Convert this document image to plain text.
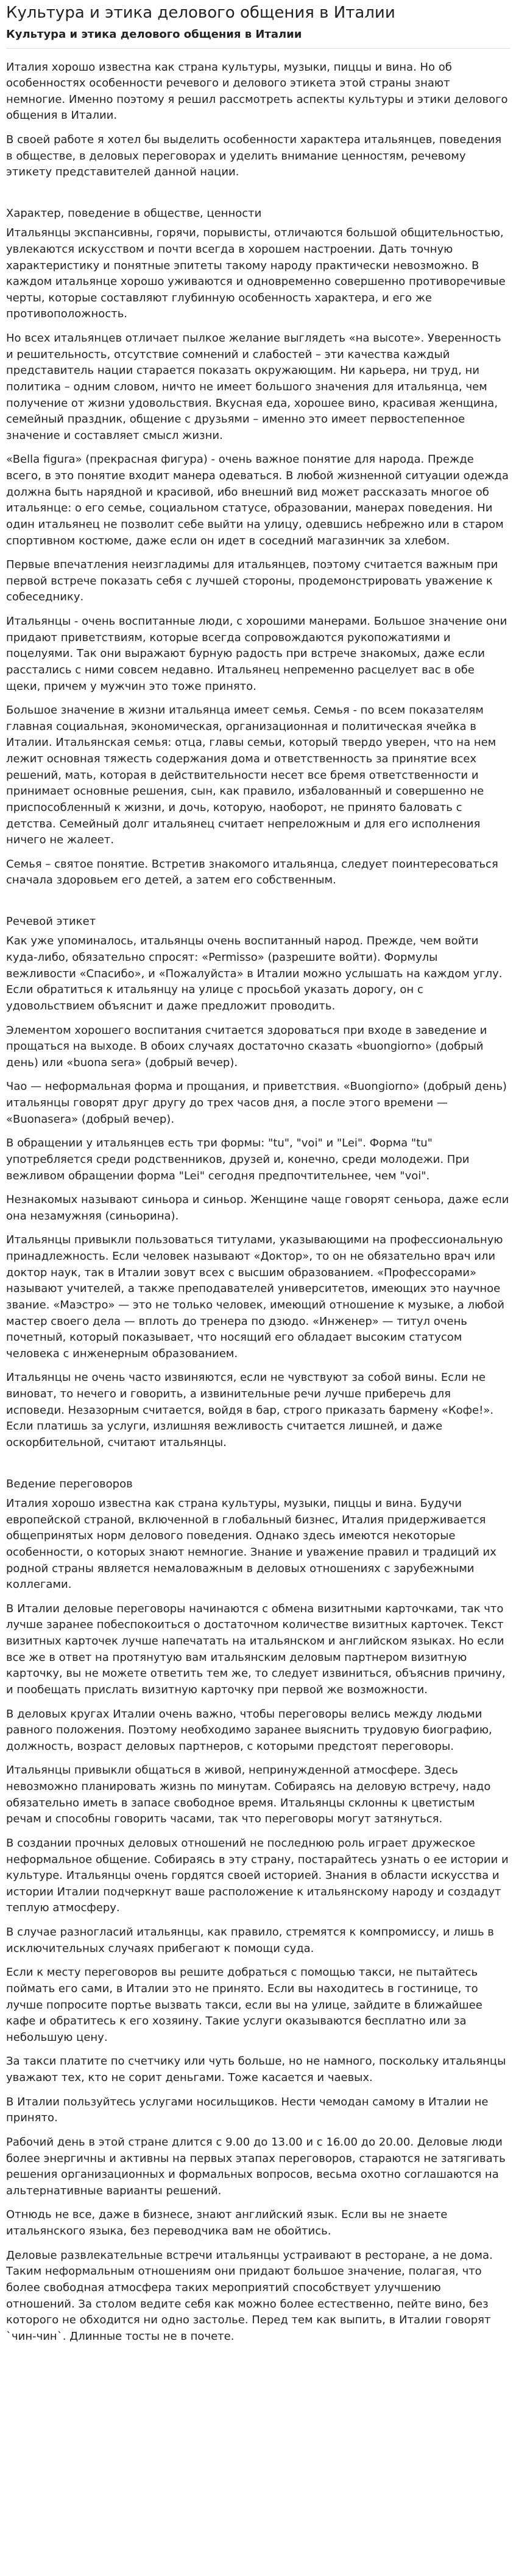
Культура и этика делового общения в Италии
Культура и этика делового общения в Италии

Италия хорошо известна как страна культуры, музыки, пиццы и вина. Но об особенностях особенности речевого и делового этикета этой страны знают немногие. Именно поэтому я решил рассмотреть аспекты культуры и этики делового общения в Италии.

В своей работе я хотел бы выделить особенности характера итальянцев, поведения в обществе, в деловых переговорах и уделить внимание ценностям, речевому этикету представителей данной нации.

Характер, поведение в обществе, ценности

Итальянцы экспансивны, горячи, порывисты, отличаются большой общительностью, увлекаются искусством и почти всегда в хорошем настроении. Дать точную характеристику и понятные эпитеты такому народу практически невозможно. В каждом итальянце хорошо уживаются и одновременно совершенно противоречивые черты, которые составляют глубинную особенность характера, и его же противоположность.

Но всех итальянцев отличает пылкое желание выглядеть «на высоте». Уверенность и решительность, отсутствие сомнений и слабостей – эти качества каждый представитель нации старается показать окружающим. Ни карьера, ни труд, ни политика – одним словом, ничто не имеет большого значения для итальянца, чем получение от жизни удовольствия. Вкусная еда, хорошее вино, красивая женщина, семейный праздник, общение с друзьями – именно это имеет первостепенное значение и составляет смысл жизни.

«Bella figura» (прекрасная фигура) - очень важное понятие для народа. Прежде всего, в это понятие входит манера одеваться. В любой жизненной ситуации одежда должна быть нарядной и красивой, ибо внешний вид может рассказать многое об итальянце: о его семье, социальном статусе, образовании, манерах поведения. Ни один итальянец не позволит себе выйти на улицу, одевшись небрежно или в старом спортивном костюме, даже если он идет в соседний магазинчик за хлебом.

Первые впечатления неизгладимы для итальянцев, поэтому считается важным при первой встрече показать себя с лучшей стороны, продемонстрировать уважение к собеседнику.

Итальянцы - очень воспитанные люди, с хорошими манерами. Большое значение они придают приветствиям, которые всегда сопровождаются рукопожатиями и поцелуями. Так они выражают бурную радость при встрече знакомых, даже если расстались с ними совсем недавно. Итальянец непременно расцелует вас в обе щеки, причем у мужчин это тоже принято.

Большое значение в жизни итальянца имеет семья. Семья - по всем показателям главная социальная, экономическая, организационная и политическая ячейка в Италии. Итальянская семья: отца, главы семьи, который твердо уверен, что на нем лежит основная тяжесть содержания дома и ответственность за принятие всех решений, мать, которая в действительности несет все бремя ответственности и принимает основные решения, сын, как правило, избалованный и совершенно не приспособленный к жизни, и дочь, которую, наоборот, не принято баловать с детства. Семейный долг итальянец считает непреложным и для его исполнения ничего не жалеет.

Семья – святое понятие. Встретив знакомого итальянца, следует поинтересоваться сначала здоровьем его детей, а затем его собственным.

Речевой этикет

Как уже упоминалось, итальянцы очень воспитанный народ. Прежде, чем войти куда-либо, обязательно спросят: «Permisso» (разрешите войти). Формулы вежливости «Спасибо», и «Пожалуйста» в Италии можно услышать на каждом углу. Если обратиться к итальянцу на улице с просьбой указать дорогу, он с удовольствием объяснит и даже предложит проводить.

Элементом хорошего воспитания считается здороваться при входе в заведение и прощаться на выходе. В обоих случаях достаточно сказать «buongiorno» (добрый день) или «buona sera» (добрый вечер).

Чао — неформальная форма и прощания, и приветствия. «Buongiorno» (добрый день) итальянцы говорят друг другу до трех часов дня, а после этого времени — «Buonasera» (добрый вечер).

В обращении у итальянцев есть три формы: "tu", "voi" и "Lei". Форма "tu" употребляется среди родственников, друзей и, конечно, среди молодежи. При вежливом обращении форма "Lei" сегодня предпочтительнее, чем "voi".

Незнакомых называют синьора и синьор. Женщине чаще говорят сеньора, даже если она незамужняя (синьорина).

Итальянцы привыкли пользоваться титулами, указывающими на профессиональную принадлежность. Если человек называют «Доктор», то он не обязательно врач или доктор наук, так в Италии зовут всех с высшим образованием. «Профессорами» называют учителей, а также преподавателей университетов, имеющих это научное звание. «Маэстро» — это не только человек, имеющий отношение к музыке, а любой мастер своего дела — вплоть до тренера по дзюдо. «Инженер» — титул очень почетный, который показывает, что носящий его обладает высоким статусом человека с инженерным образованием.

Итальянцы не очень часто извиняются, если не чувствуют за собой вины. Если не виноват, то нечего и говорить, а извинительные речи лучше приберечь для исповеди. Незазорным считается, войдя в бар, строго приказать бармену «Кофе!». Если платишь за услуги, излишняя вежливость считается лишней, и даже оскорбительной, считают итальянцы.

Ведение переговоров

Италия хорошо известна как страна культуры, музыки, пиццы и вина. Будучи европейской страной, включенной в глобальный бизнес, Италия придерживается общепринятых норм делового поведения. Однако здесь имеются некоторые особенности, о которых знают немногие. Знание и уважение правил и традиций их родной страны является немаловажным в деловых отношениях с зарубежными коллегами.

В Италии деловые переговоры начинаются с обмена визитными карточками, так что лучше заранее побеспокоиться о достаточном количестве визитных карточек. Текст визитных карточек лучше напечатать на итальянском и английском языках. Но если все же в ответ на протянутую вам итальянским деловым партнером визитную карточку, вы не можете ответить тем же, то следует извиниться, объяснив причину, и пообещать прислать визитную карточку при первой же возможности.

В деловых кругах Италии очень важно, чтобы переговоры велись между людьми равного положения. Поэтому необходимо заранее выяснить трудовую биографию, должность, возраст деловых партнеров, с которыми предстоят переговоры.

Итальянцы привыкли общаться в живой, непринужденной атмосфере. Здесь невозможно планировать жизнь по минутам. Собираясь на деловую встречу, надо обязательно иметь в запасе свободное время. Итальянцы склонны к цветистым речам и способны говорить часами, так что переговоры могут затянуться.

В создании прочных деловых отношений не последнюю роль играет дружеское неформальное общение. Собираясь в эту страну, постарайтесь узнать о ее истории и культуре. Итальянцы очень гордятся своей историей. Знания в области искусства и истории Италии подчеркнут ваше расположение к итальянскому народу и создадут теплую атмосферу.

В случае разногласий итальянцы, как правило, стремятся к компромиссу, и лишь в исключительных случаях прибегают к помощи суда.

Если к месту переговоров вы решите добраться с помощью такси, не пытайтесь поймать его сами, в Италии это не принято. Если вы находитесь в гостинице, то лучше попросите портье вызвать такси, если вы на улице, зайдите в ближайшее кафе и обратитесь к его хозяину. Такие услуги оказываются бесплатно или за небольшую цену.

За такси платите по счетчику или чуть больше, но не намного, поскольку итальянцы уважают тех, кто не сорит деньгами. Тоже касается и чаевых.

В Италии пользуйтесь услугами носильщиков. Нести чемодан самому в Италии не принято.

Рабочий день в этой стране длится с 9.00 до 13.00 и с 16.00 до 20.00. Деловые люди более энергичны и активны на первых этапах переговоров, стараются не затягивать решения организационных и формальных вопросов, весьма охотно соглашаются на альтернативные варианты решений.

Отнюдь не все, даже в бизнесе, знают английский язык. Если вы не знаете итальянского языка, без переводчика вам не обойтись.

Деловые развлекательные встречи итальянцы устраивают в ресторане, а не дома. Таким неформальным отношениям они придают большое значение, полагая, что более свободная атмосфера таких мероприятий способствует улучшению отношений. За столом ведите себя как можно более естественно, пейте вино, без которого не обходится ни одно застолье. Перед тем как выпить, в Италии говорят `чин-чин`. Длинные тосты не в почете.
